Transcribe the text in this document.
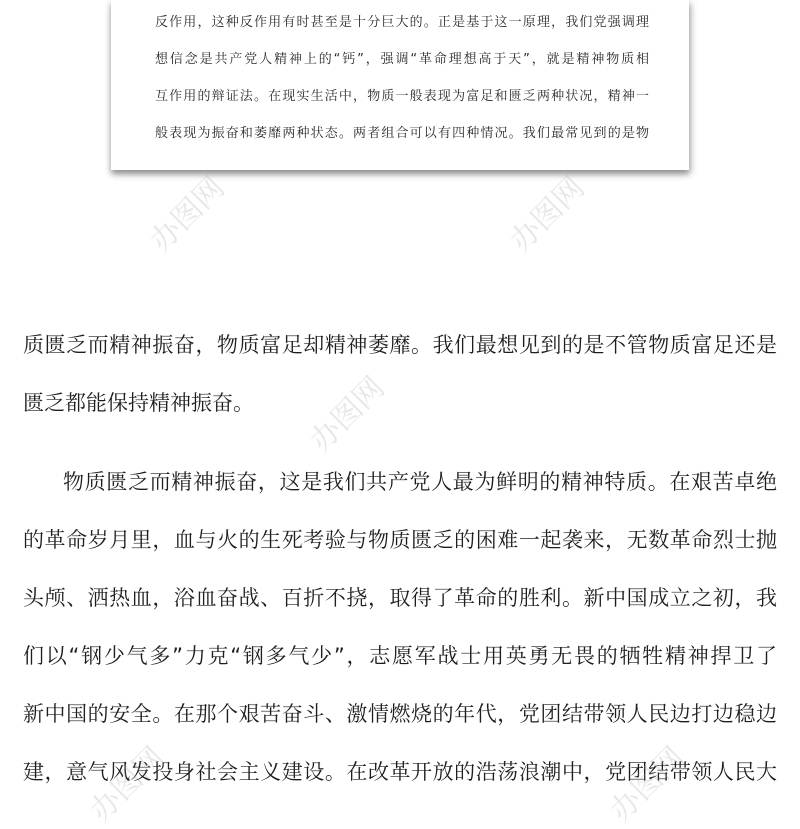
反作用，这种反作用有时甚至是十分巨大的。正是基于这一原理，我们党强调理
想信念是共产党人精神上的“钙”，强调“革命理想高于天”，就是精神物质相
互作用的辩证法。在现实生活中，物质一般表现为富足和匮乏两种状况，精神一
般表现为振奋和萎靡两种状态。两者组合可以有四种情况。我们最常见到的是物
质匮乏而精神振奋，物质富足却精神萎靡。我们最想见到的是不管物质富足还是
匮乏都能保持精神振奋。
物质匮乏而精神振奋，这是我们共产党人最为鲜明的精神特质。在艰苦卓绝
的革命岁月里，血与火的生死考验与物质匮乏的困难一起袭来，无数革命烈士抛
头颅、洒热血，浴血奋战、百折不挠，取得了革命的胜利。新中国成立之初，我
们以“钢少气多”力克“钢多气少”，志愿军战士用英勇无畏的牺牲精神捍卫了
新中国的安全。在那个艰苦奋斗、激情燃烧的年代，党团结带领人民边打边稳边
建，意气风发投身社会主义建设。在改革开放的浩荡浪潮中，党团结带领人民大
办图网	办图网
办图网
办图网	办图网
